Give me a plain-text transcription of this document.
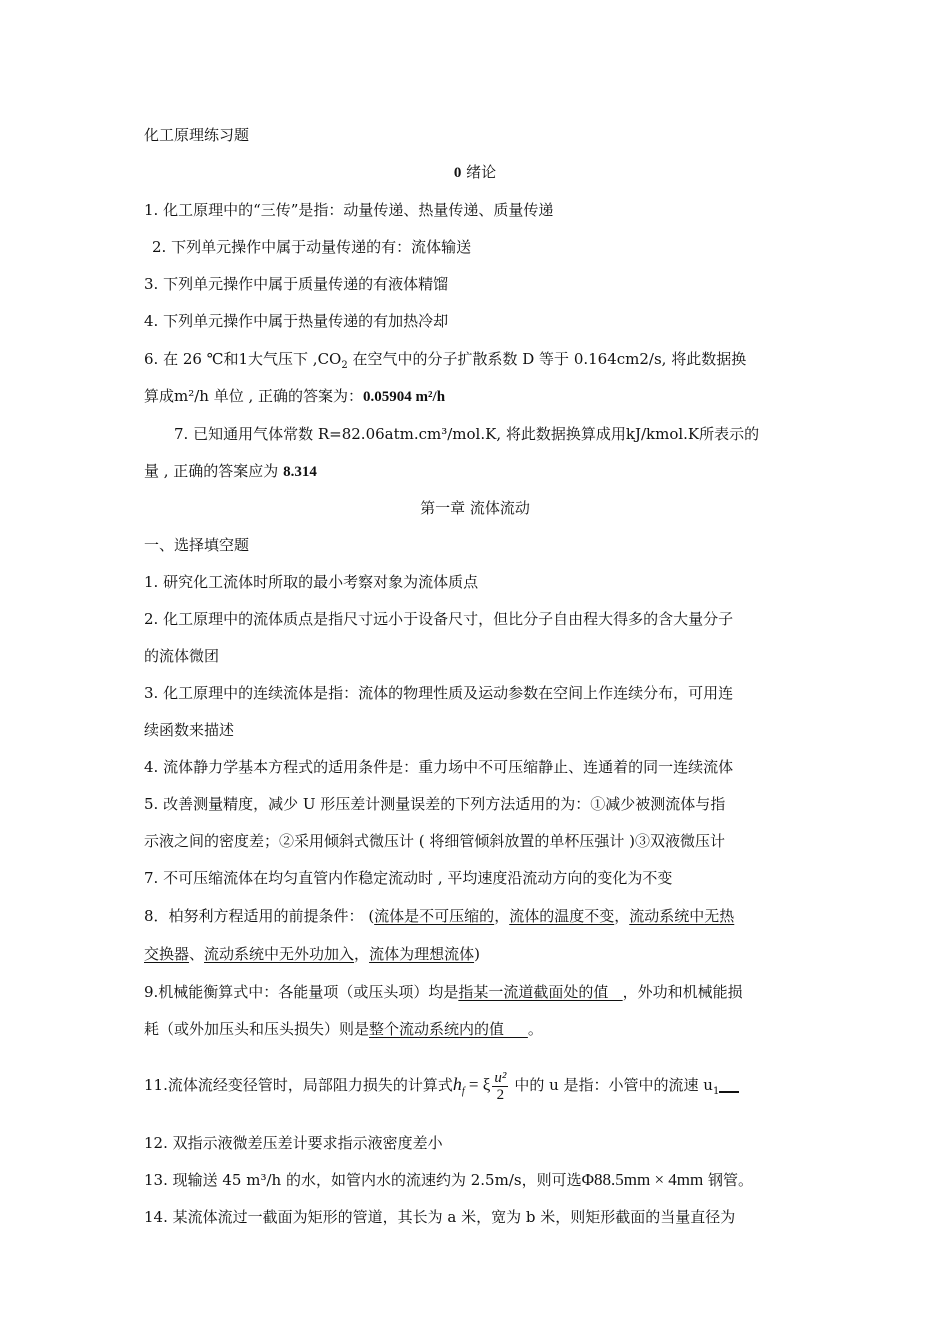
化工原理练习题
0 绪论
1. 化工原理中的“三传”是指：动量传递、热量传递、质量传递
2. 下列单元操作中属于动量传递的有：流体输送
3. 下列单元操作中属于质量传递的有液体精馏
4. 下列单元操作中属于热量传递的有加热冷却
6. 在 26 ℃和1大气压下 $,CO_2$ 在空气中的分子扩散系数 D 等于 0.164cm2/s, 将此数据换
算成m²/h 单位 , 正确的答案为：0.05904 m²/h
7. 已知通用气体常数 R=82.06atm.cm³/mol.K, 将此数据换算成用kJ/kmol.K所表示的
量 , 正确的答案应为 8.314
第一章 流体流动
一、选择填空题
1. 研究化工流体时所取的最小考察对象为流体质点
2. 化工原理中的流体质点是指尺寸远小于设备尺寸，但比分子自由程大得多的含大量分子
的流体微团
3. 化工原理中的连续流体是指：流体的物理性质及运动参数在空间上作连续分布，可用连
续函数来描述
4. 流体静力学基本方程式的适用条件是：重力场中不可压缩静止、连通着的同一连续流体
5. 改善测量精度，减少 U 形压差计测量误差的下列方法适用的为：①减少被测流体与指
示液之间的密度差；②采用倾斜式微压计 ( 将细管倾斜放置的单杯压强计 )③双液微压计
7. 不可压缩流体在均匀直管内作稳定流动时 , 平均速度沿流动方向的变化为不变
8．柏努利方程适用的前提条件： (流体是不可压缩的，流体的温度不变，流动系统中无热
交换器、流动系统中无外功加入，流体为理想流体)
9.机械能衡算式中：各能量项（或压头项）均是指某一流道截面处的值   ，外功和机械能损
耗（或外加压头和压头损失）则是整个流动系统内的值     。
11.流体流经变径管时，局部阻力损失的计算式$h_f = \xi \frac{\text{u²}}{2}$ 中的 u 是指：小管中的流速 $u_1$
12. 双指示液微差压差计要求指示液密度差小
13. 现输送 45 m³/h 的水，如管内水的流速约为 2.5m/s，则可选Φ88.5mm × 4mm 钢管。
14. 某流体流过一截面为矩形的管道，其长为 a 米，宽为 b 米，则矩形截面的当量直径为
